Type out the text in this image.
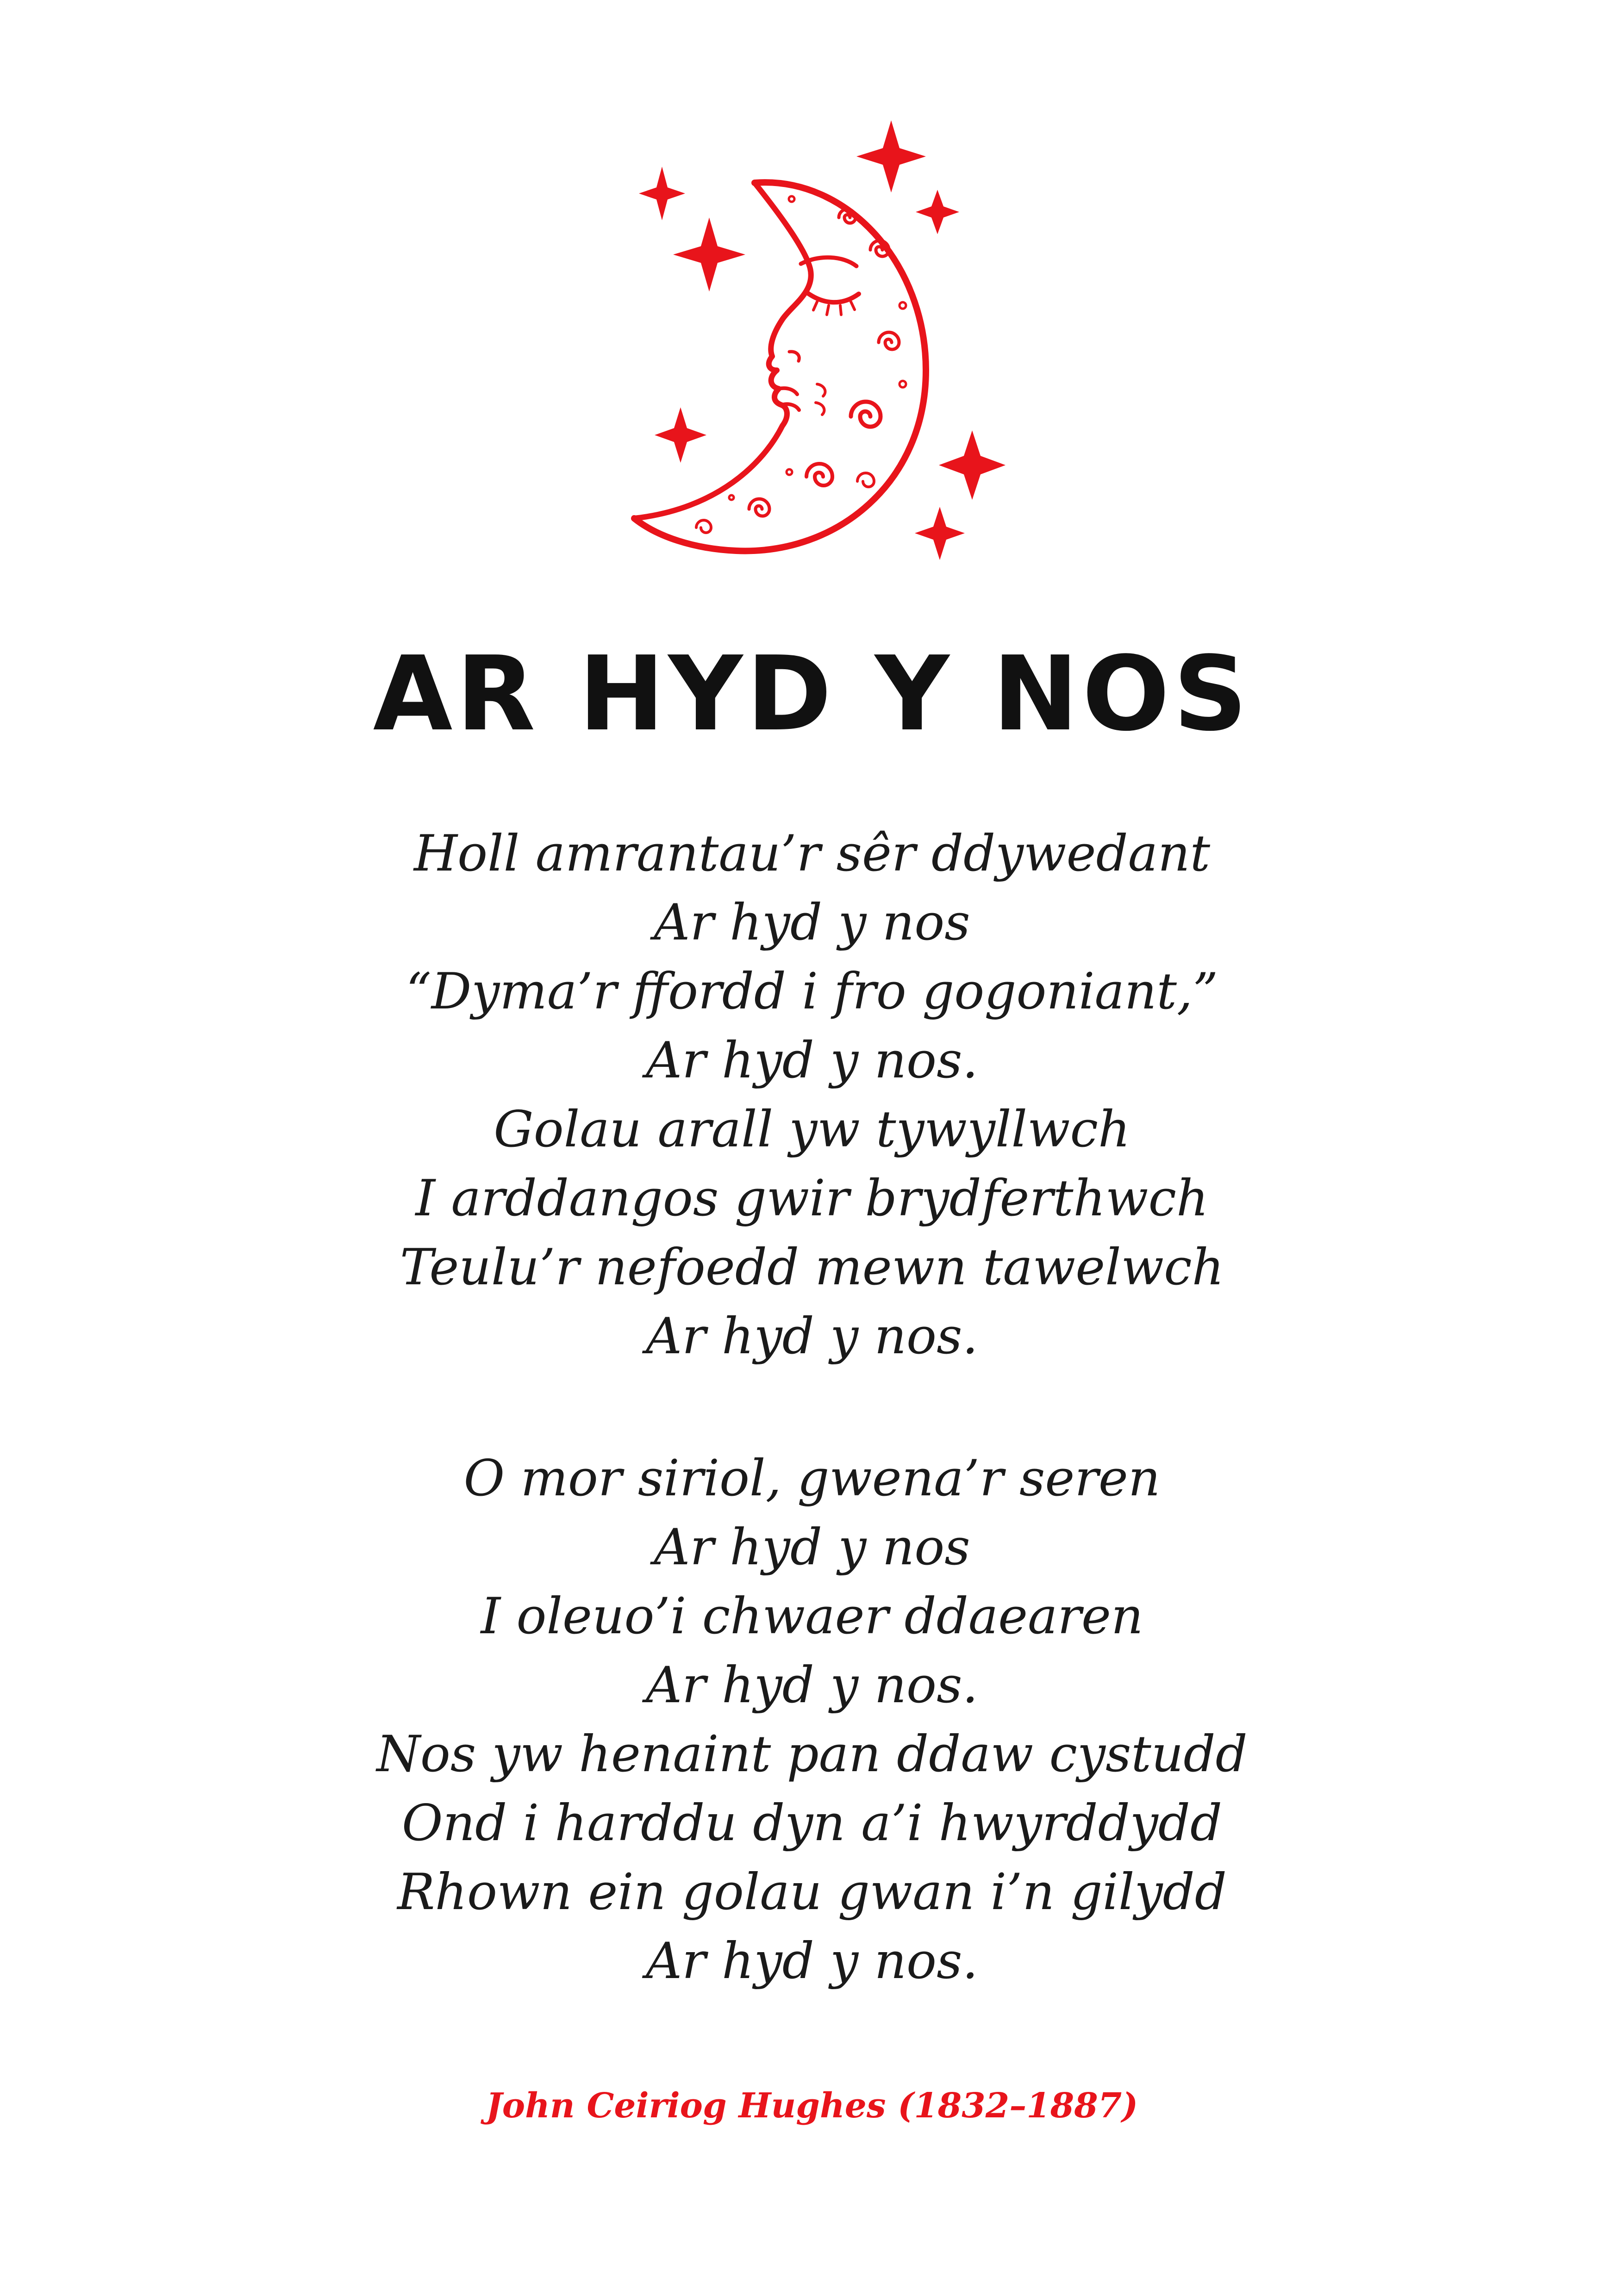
AR HYD Y NOS
Holl amrantau’r sêr ddywedant
Ar hyd y nos
“Dyma’r ffordd i fro gogoniant,”
Ar hyd y nos.
Golau arall yw tywyllwch
I arddangos gwir brydferthwch
Teulu’r nefoedd mewn tawelwch
Ar hyd y nos.
O mor siriol, gwena’r seren
Ar hyd y nos
I oleuo’i chwaer ddaearen
Ar hyd y nos.
Nos yw henaint pan ddaw cystudd
Ond i harddu dyn a’i hwyrddydd
Rhown ein golau gwan i’n gilydd
Ar hyd y nos.
John Ceiriog Hughes (1832–1887)
